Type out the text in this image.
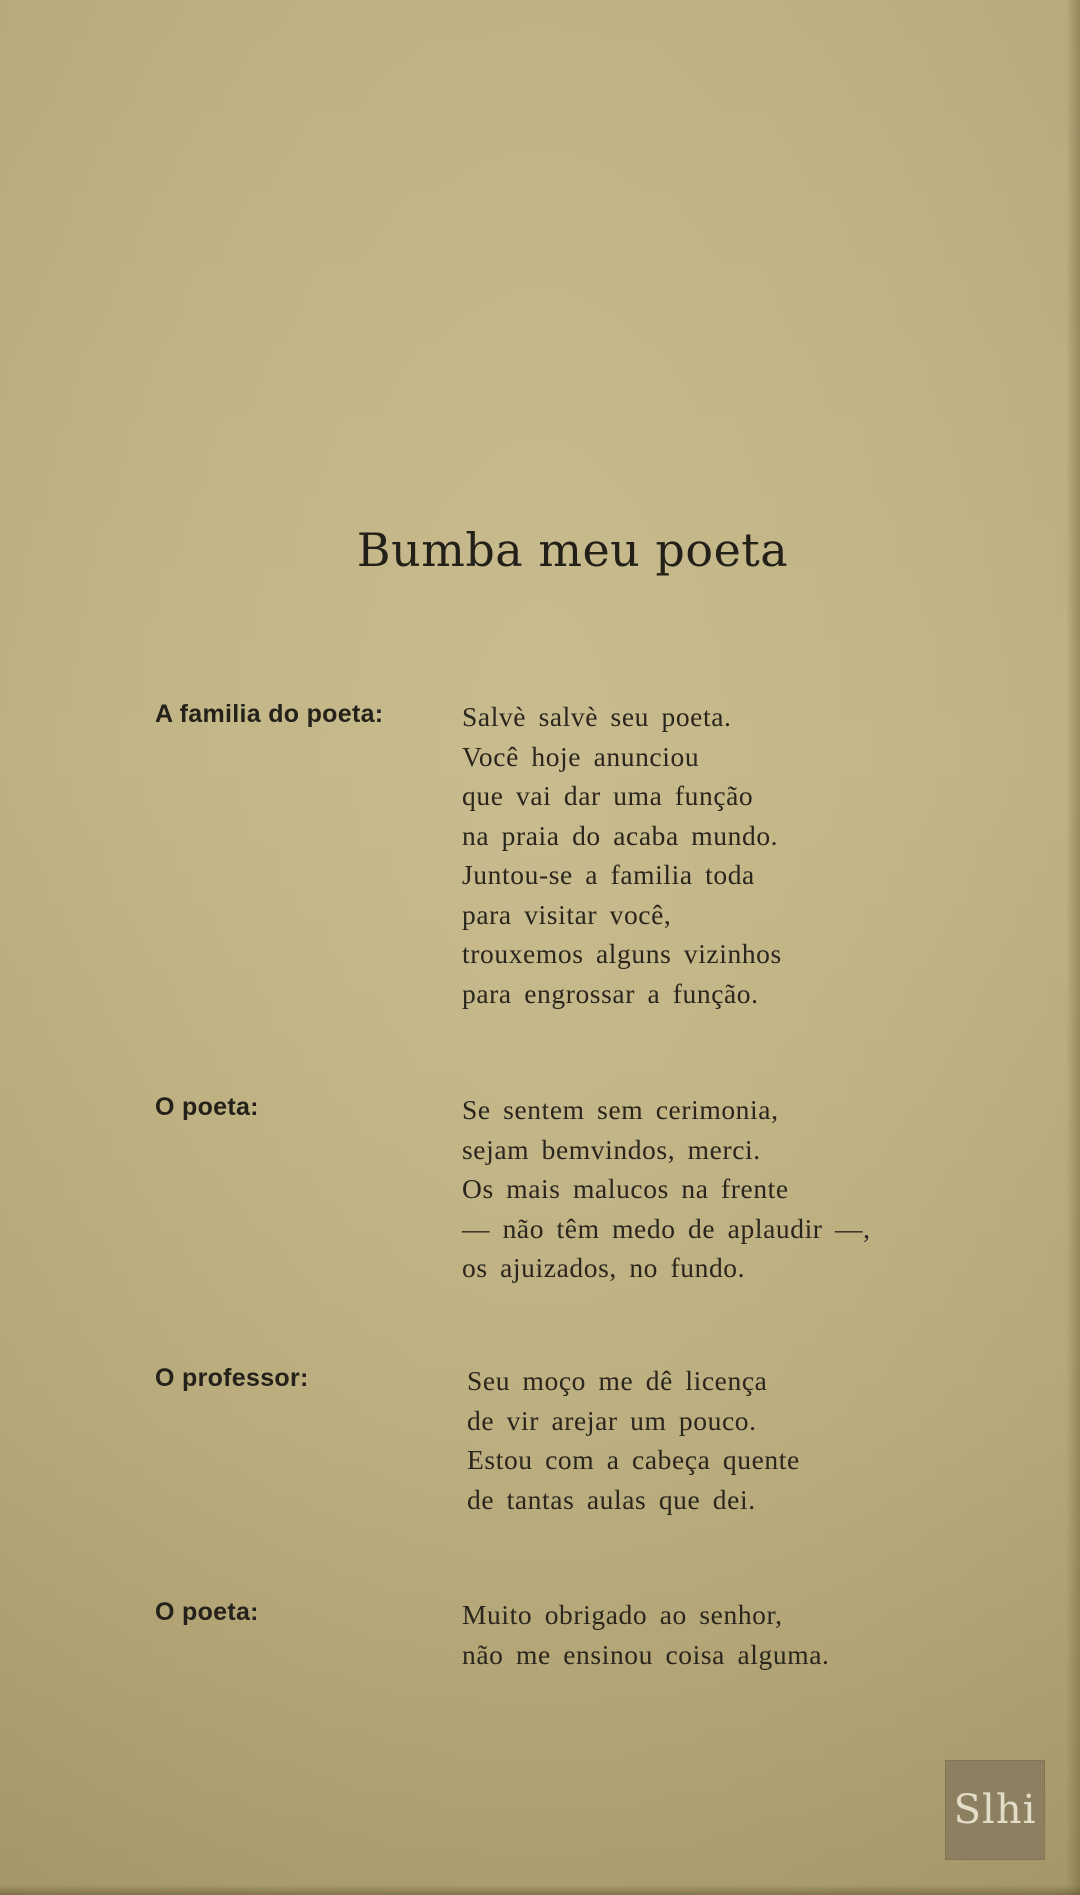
Bumba meu poeta
A familia do poeta:	Salvè salvè seu poeta.
Você hoje anunciou
que vai dar uma função
na praia do acaba mundo.
Juntou-se a familia toda
para visitar você,
trouxemos alguns vizinhos
para engrossar a função.
O poeta:	Se sentem sem cerimonia,
sejam bemvindos, merci.
Os mais malucos na frente
— não têm medo de aplaudir —,
os ajuizados, no fundo.
O professor:	Seu moço me dê licença
de vir arejar um pouco.
Estou com a cabeça quente
de tantas aulas que dei.
O poeta:	Muito obrigado ao senhor,
não me ensinou coisa alguma.
Slhi
